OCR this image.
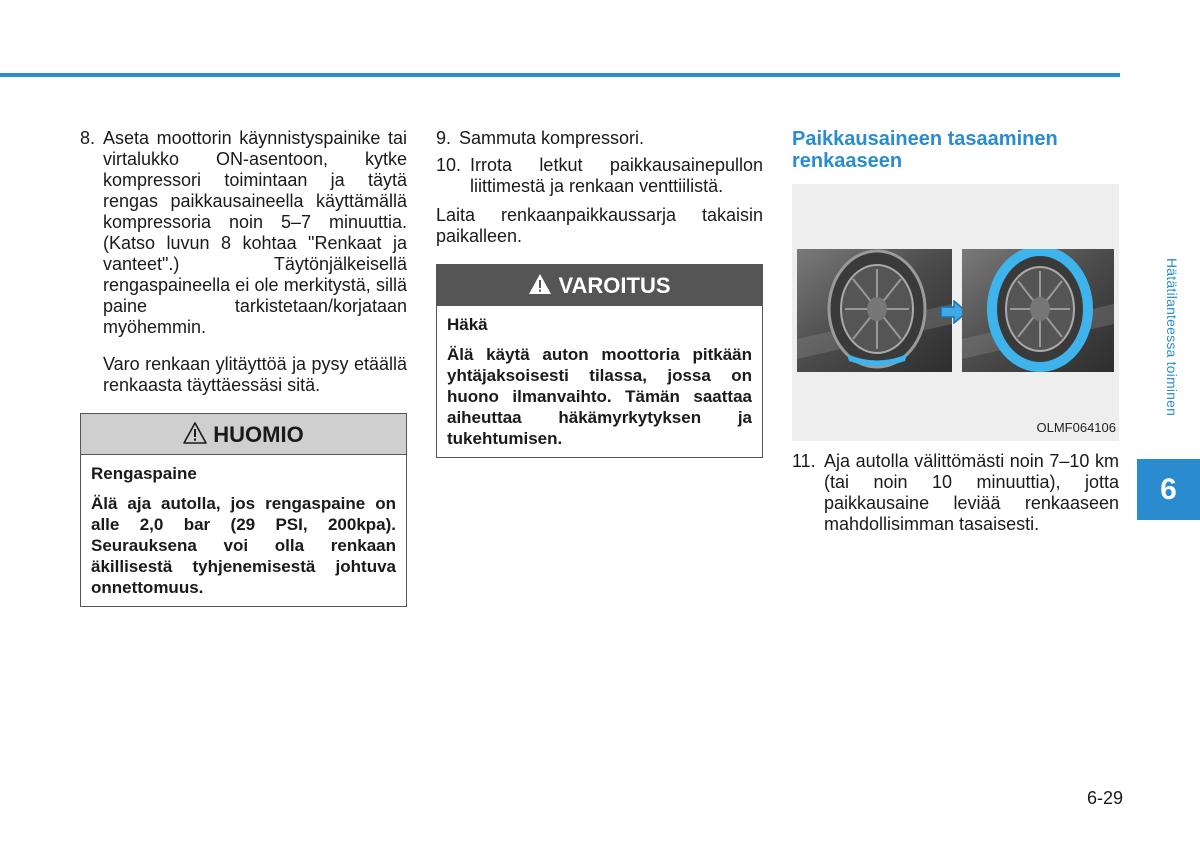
8. Aseta moottorin käynnistyspainike tai virtalukko ON-asentoon, kytke kompressori toimintaan ja täytä rengas paikkausaineella käyttämällä kompressoria noin 5–7 minuuttia. (Katso luvun 8 kohtaa "Renkaat ja vanteet".) Täytönjälkeisellä rengaspaineella ei ole merkitystä, sillä paine tarkistetaan/korjataan myöhemmin.
Varo renkaan ylitäyttöä ja pysy etäällä renkaasta täyttäessäsi sitä.
HUOMIO
Rengaspaine
Älä aja autolla, jos rengaspaine on alle 2,0 bar (29 PSI, 200kpa). Seurauksena voi olla renkaan äkillisestä tyhjenemisestä johtuva onnettomuus.
9. Sammuta kompressori.
10. Irrota letkut paikkausainepullon liittimestä ja renkaan venttiilistä.
Laita renkaanpaikkaussarja takaisin paikalleen.
VAROITUS
Häkä
Älä käytä auton moottoria pitkään yhtäjaksoisesti tilassa, jossa on huono ilmanvaihto. Tämän saattaa aiheuttaa häkämyrkytyksen ja tukehtumisen.
Paikkausaineen tasaaminen renkaaseen
OLMF064106
11. Aja autolla välittömästi noin 7–10 km (tai noin 10 minuuttia), jotta paikkausaine leviää renkaaseen mahdollisimman tasaisesti.
Hätätilanteessa toiminen
6
6-29
